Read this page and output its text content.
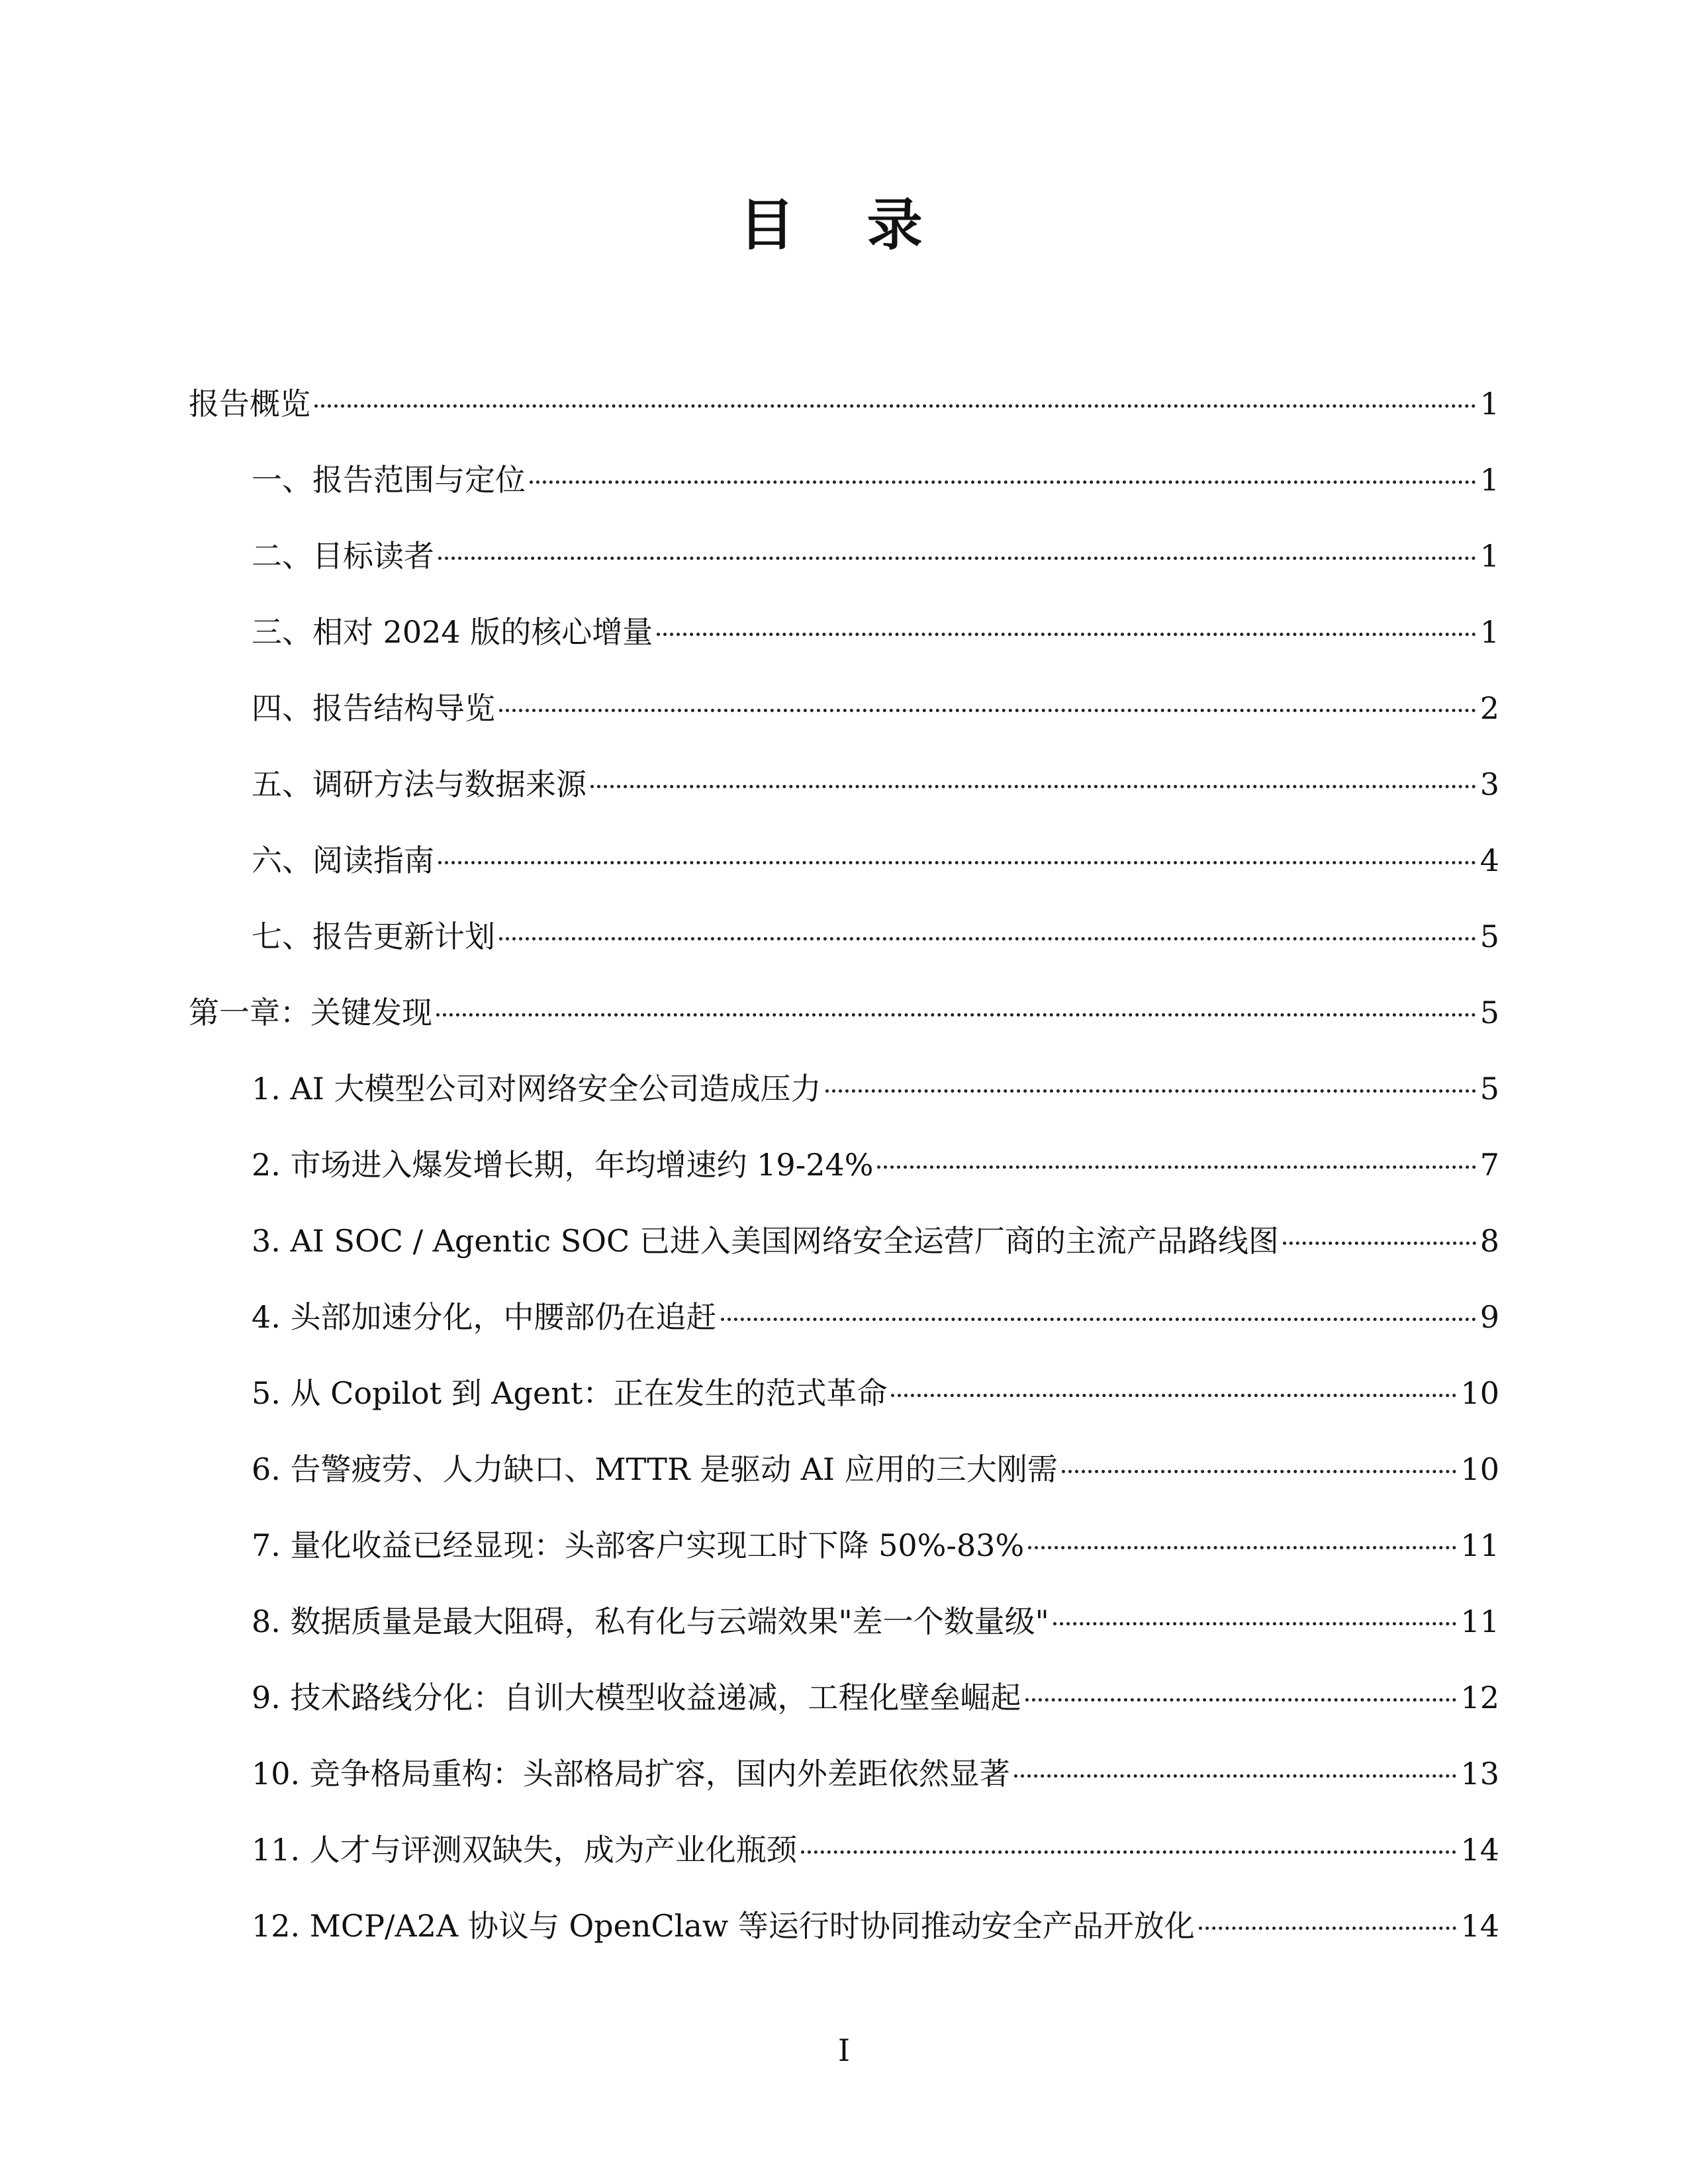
目 录
报告概览	1
一、报告范围与定位	1
二、目标读者	1
三、相对 2024 版的核心增量	1
四、报告结构导览	2
五、调研方法与数据来源	3
六、阅读指南	4
七、报告更新计划	5
第一章：关键发现	5
1. AI 大模型公司对网络安全公司造成压力	5
2. 市场进入爆发增长期，年均增速约 19-24%	7
3. AI SOC / Agentic SOC 已进入美国网络安全运营厂商的主流产品路线图	8
4. 头部加速分化，中腰部仍在追赶	9
5. 从 Copilot 到 Agent：正在发生的范式革命	10
6. 告警疲劳、人力缺口、MTTR 是驱动 AI 应用的三大刚需	10
7. 量化收益已经显现：头部客户实现工时下降 50%-83%	11
8. 数据质量是最大阻碍，私有化与云端效果"差一个数量级"	11
9. 技术路线分化：自训大模型收益递减，工程化壁垒崛起	12
10. 竞争格局重构：头部格局扩容，国内外差距依然显著	13
11. 人才与评测双缺失，成为产业化瓶颈	14
12. MCP/A2A 协议与 OpenClaw 等运行时协同推动安全产品开放化	14
I
